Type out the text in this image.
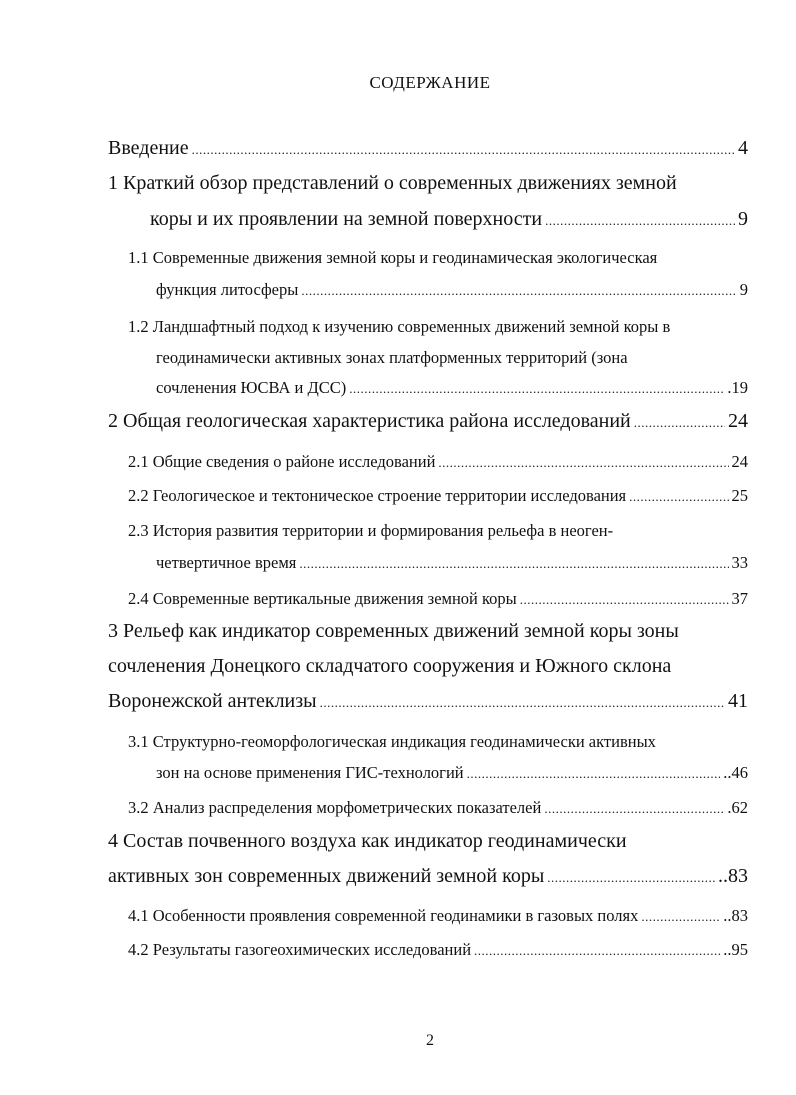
СОДЕРЖАНИЕ
Введение .....	4
1 Краткий обзор представлений о современных движениях земной
коры и их проявлении на земной поверхности .....	9
1.1 Современные движения земной коры и геодинамическая экологическая
функция литосферы .....	9
1.2 Ландшафтный подход к изучению современных движений земной коры в
геодинамически активных зонах платформенных территорий (зона
сочленения ЮСВА и ДСС) .....	.19
2 Общая геологическая характеристика района исследований .....	24
2.1 Общие сведения о районе исследований .....	24
2.2 Геологическое и тектоническое строение территории исследования .....	25
2.3 История развития территории и формирования рельефа в неоген-
четвертичное время .....	33
2.4 Современные вертикальные движения земной коры .....	37
3 Рельеф как индикатор современных движений земной коры зоны
сочленения Донецкого складчатого сооружения и Южного склона
Воронежской антеклизы .....	41
3.1 Структурно-геоморфологическая индикация геодинамически активных
зон на основе применения ГИС-технологий .....	..46
3.2 Анализ распределения морфометрических показателей .....	.62
4 Состав почвенного воздуха как индикатор геодинамически
активных зон современных движений земной коры .....	..83
4.1 Особенности проявления современной геодинамики в газовых полях .....	..83
4.2 Результаты газогеохимических исследований .....	..95
2
